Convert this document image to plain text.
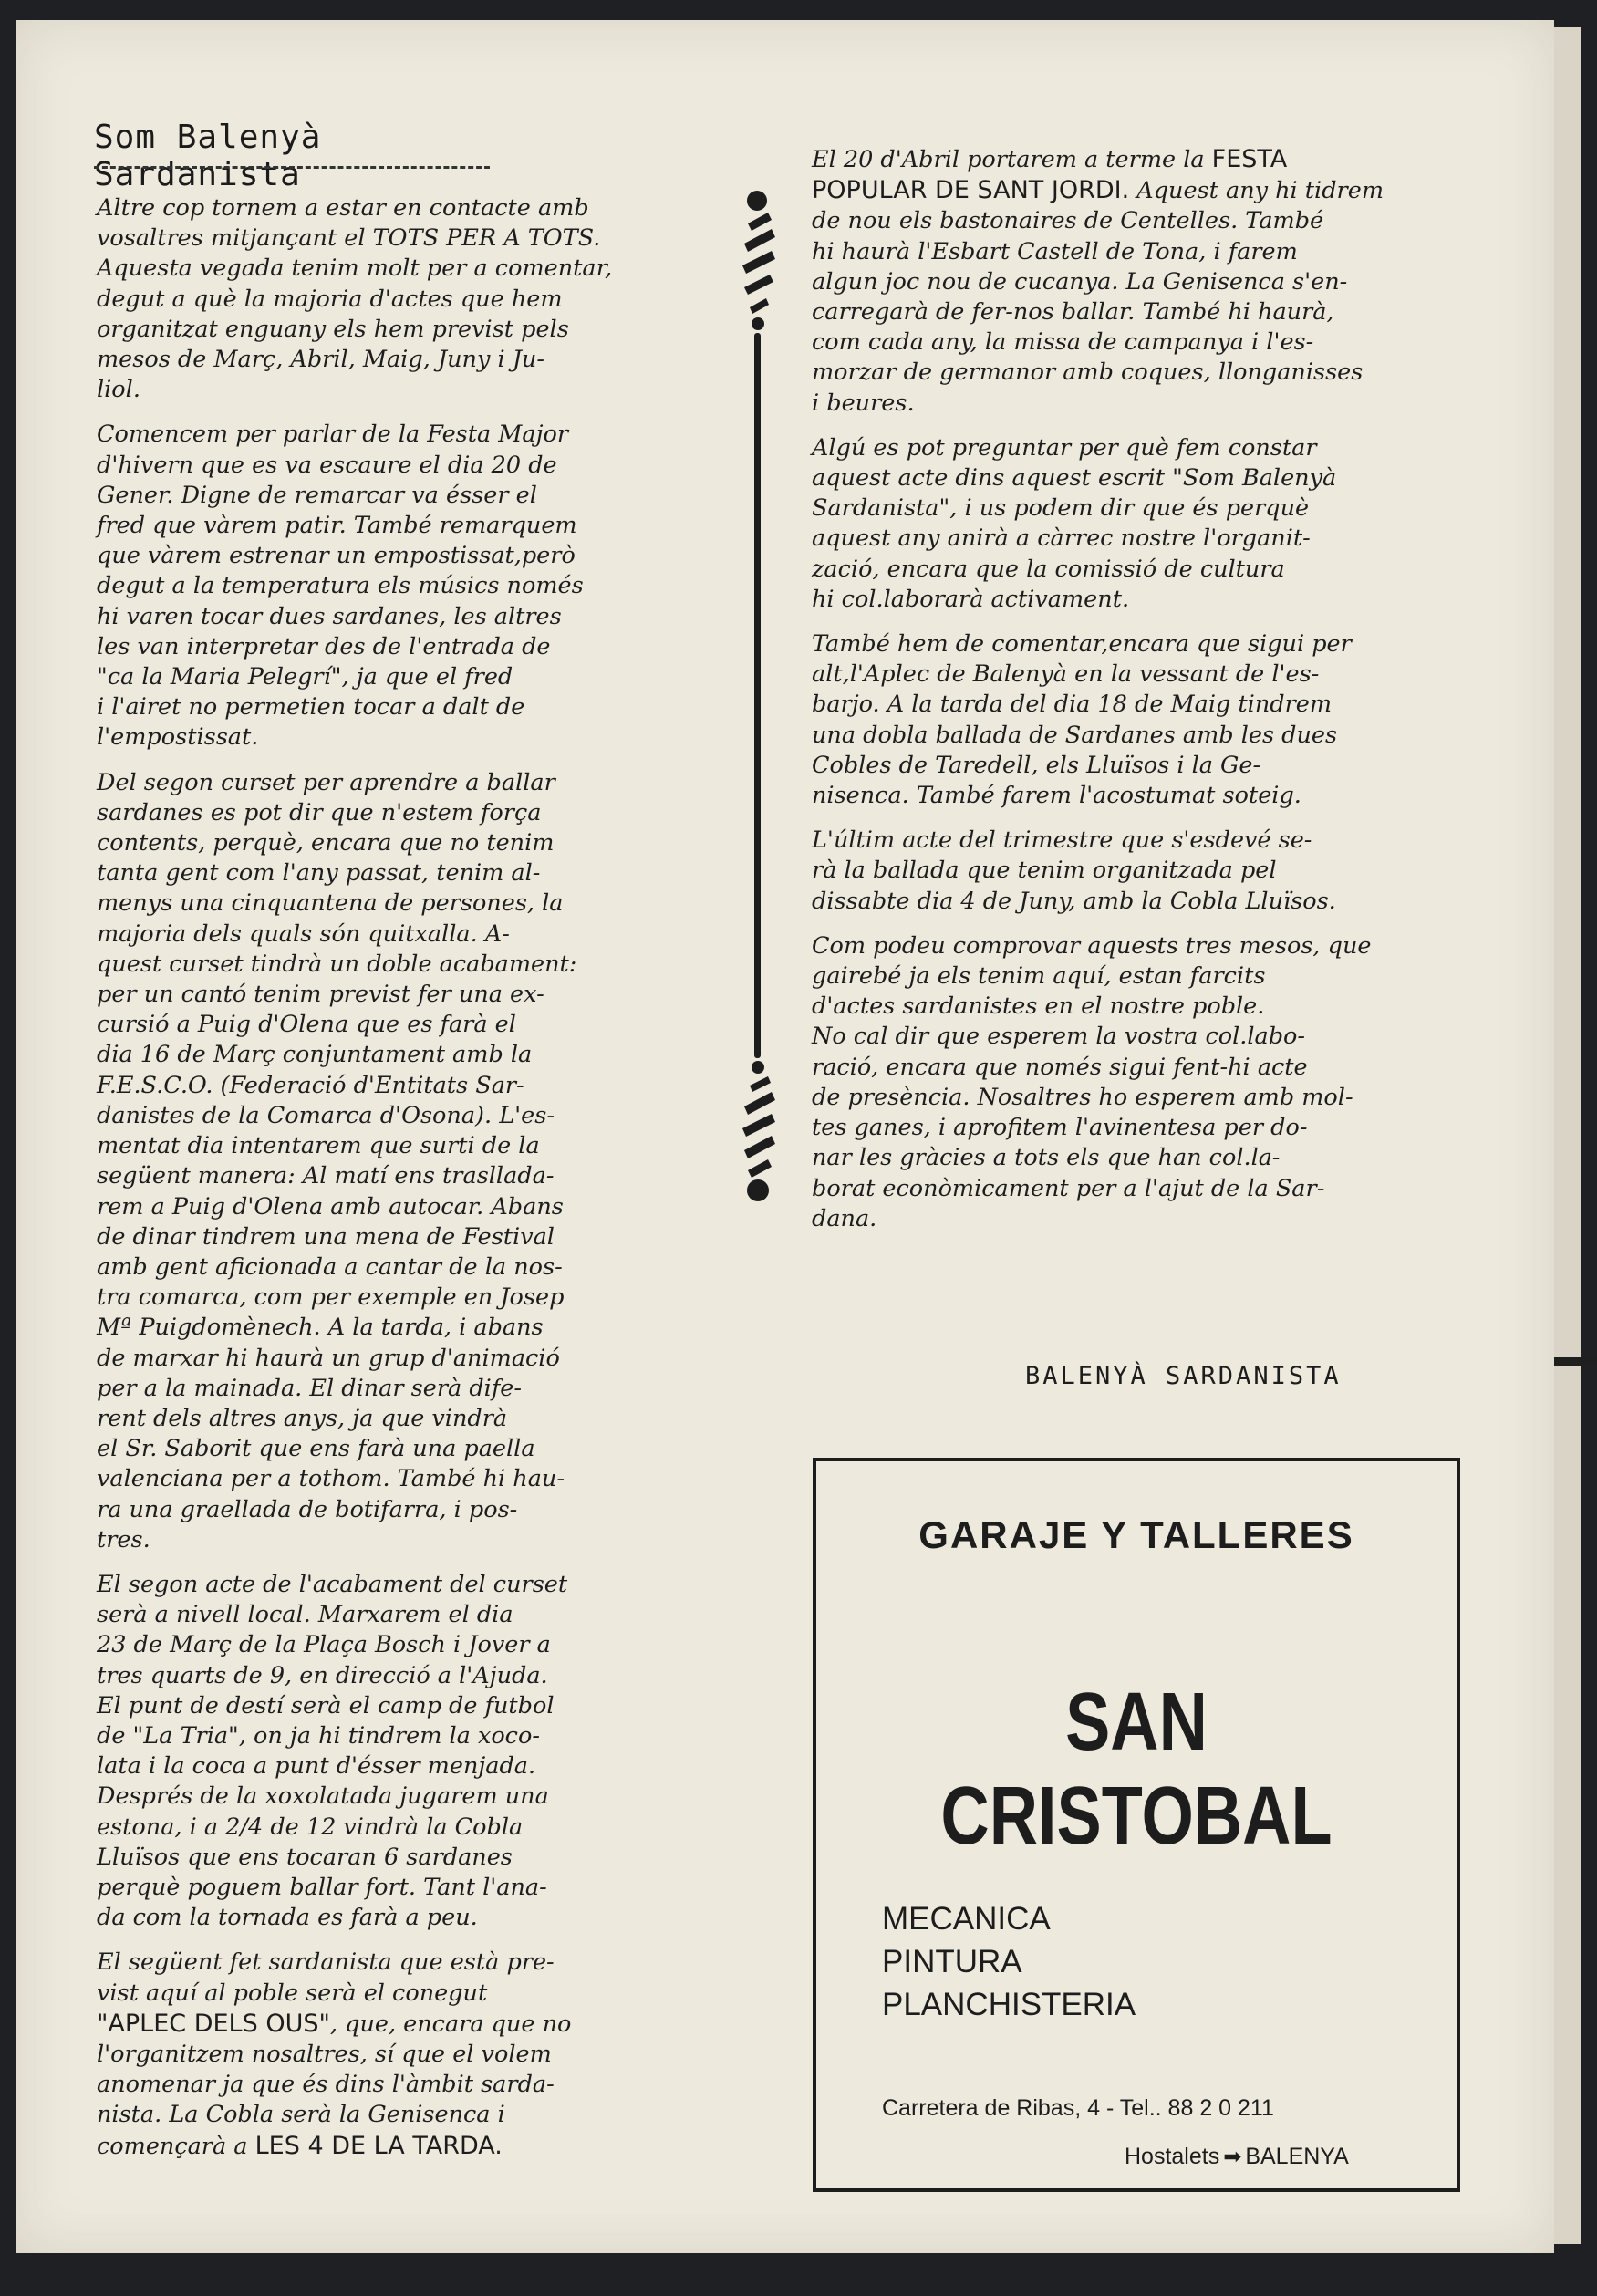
Som Balenyà Sardanista

Altre cop tornem a estar en contacte amb
vosaltres mitjançant el TOTS PER A TOTS.
Aquesta vegada tenim molt per a comentar,
degut a què la majoria d'actes que hem
organitzat enguany els hem previst pels
mesos de Març, Abril, Maig, Juny i Ju-
liol.

Comencem per parlar de la Festa Major
d'hivern que es va escaure el dia 20 de
Gener. Digne de remarcar va ésser el
fred que vàrem patir. També remarquem
que vàrem estrenar un empostissat,però
degut a la temperatura els músics només
hi varen tocar dues sardanes, les altres
les van interpretar des de l'entrada de
"ca la Maria Pelegrí", ja que el fred
i l'airet no permetien tocar a dalt de
l'empostissat.

Del segon curset per aprendre a ballar
sardanes es pot dir que n'estem força
contents, perquè, encara que no tenim
tanta gent com l'any passat, tenim al-
menys una cinquantena de persones, la
majoria dels quals són quitxalla. A-
quest curset tindrà un doble acabament:
per un cantó tenim previst fer una ex-
cursió a Puig d'Olena que es farà el
dia 16 de Març conjuntament amb la
F.E.S.C.O. (Federació d'Entitats Sar-
danistes de la Comarca d'Osona). L'es-
mentat dia intentarem que surti de la
següent manera: Al matí ens trasllada-
rem a Puig d'Olena amb autocar. Abans
de dinar tindrem una mena de Festival
amb gent aficionada a cantar de la nos-
tra comarca, com per exemple en Josep
Mª Puigdomènech. A la tarda, i abans
de marxar hi haurà un grup d'animació
per a la mainada. El dinar serà dife-
rent dels altres anys, ja que vindrà
el Sr. Saborit que ens farà una paella
valenciana per a tothom. També hi hau-
ra una graellada de botifarra, i pos-
tres.

El segon acte de l'acabament del curset
serà a nivell local. Marxarem el dia
23 de Març de la Plaça Bosch i Jover a
tres quarts de 9, en direcció a l'Ajuda.
El punt de destí serà el camp de futbol
de "La Tria", on ja hi tindrem la xoco-
lata i la coca a punt d'ésser menjada.
Després de la xoxolatada jugarem una
estona, i a 2/4 de 12 vindrà la Cobla
Lluïsos que ens tocaran 6 sardanes
perquè poguem ballar fort. Tant l'ana-
da com la tornada es farà a peu.

El següent fet sardanista que està pre-
vist aquí al poble serà el conegut
"APLEC DELS OUS", que, encara que no
l'organitzem nosaltres, sí que el volem
anomenar ja que és dins l'àmbit sarda-
nista. La Cobla serà la Genisenca i
començarà a LES 4 DE LA TARDA.

El 20 d'Abril portarem a terme la FESTA
POPULAR DE SANT JORDI. Aquest any hi tidrem
de nou els bastonaires de Centelles. També
hi haurà l'Esbart Castell de Tona, i farem
algun joc nou de cucanya. La Genisenca s'en-
carregarà de fer-nos ballar. També hi haurà,
com cada any, la missa de campanya i l'es-
morzar de germanor amb coques, llonganisses
i beures.

Algú es pot preguntar per què fem constar
aquest acte dins aquest escrit "Som Balenyà
Sardanista", i us podem dir que és perquè
aquest any anirà a càrrec nostre l'organit-
zació, encara que la comissió de cultura
hi col.laborarà activament.

També hem de comentar,encara que sigui per
alt,l'Aplec de Balenyà en la vessant de l'es-
barjo. A la tarda del dia 18 de Maig tindrem
una dobla ballada de Sardanes amb les dues
Cobles de Taredell, els Lluïsos i la Ge-
nisenca. També farem l'acostumat soteig.

L'últim acte del trimestre que s'esdevé se-
rà la ballada que tenim organitzada pel
dissabte dia 4 de Juny, amb la Cobla Lluïsos.

Com podeu comprovar aquests tres mesos, que
gairebé ja els tenim aquí, estan farcits
d'actes sardanistes en el nostre poble.
No cal dir que esperem la vostra col.labo-
ració, encara que només sigui fent-hi acte
de presència. Nosaltres ho esperem amb mol-
tes ganes, i aprofitem l'avinentesa per do-
nar les gràcies a tots els que han col.la-
borat econòmicament per a l'ajut de la Sar-
dana.

BALENYÀ SARDANISTA
GARAJE Y TALLERES
SAN CRISTOBAL
MECANICA
PINTURA
PLANCHISTERIA
Carretera de Ribas, 4 - Tel.. 88 2 0 211
Hostalets ➡ BALENYA
